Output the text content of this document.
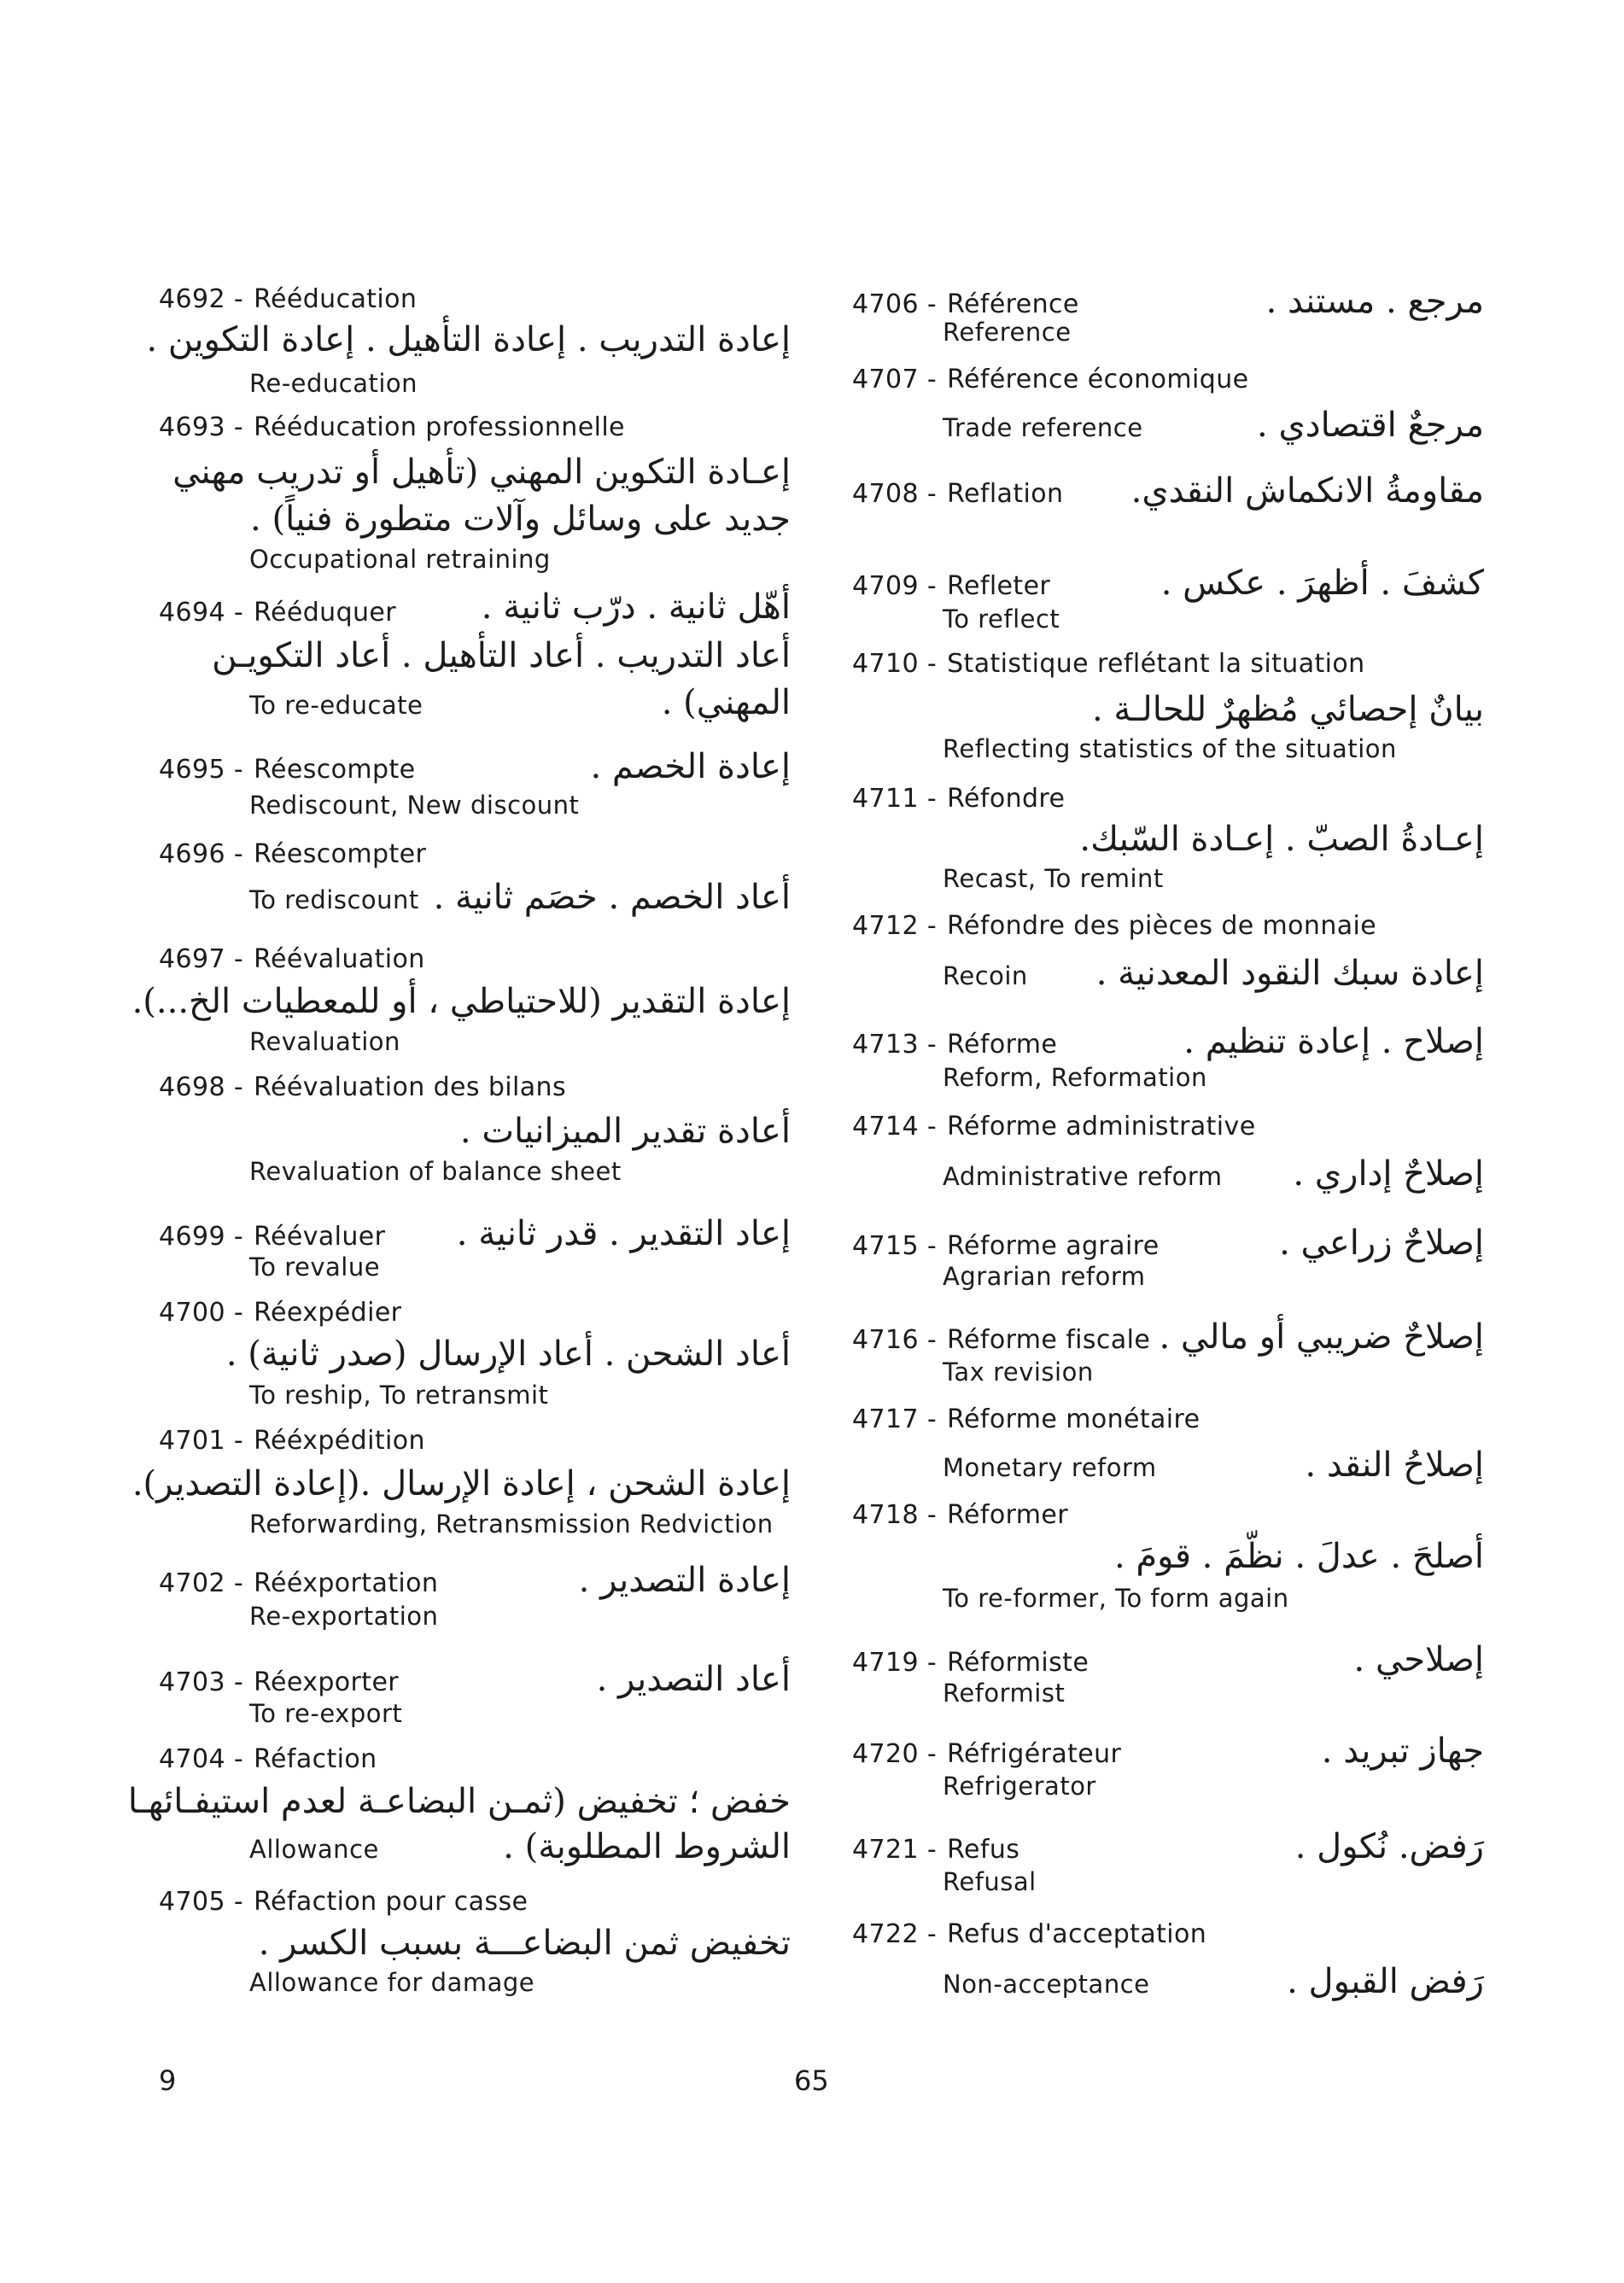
4692 - Rééducation
إعادة التدريب . إعادة التأهيل . إعادة التكوين .
Re-education
4693 - Rééducation professionnelle
إعـادة التكوين المهني (تأهيل أو تدريب مهني
جديد على وسائل وآلات متطورة فنياً) .
Occupational retraining
4694 - Rééduquer	أهّل ثانية . درّب ثانية .
أعاد التدريب . أعاد التأهيل . أعاد التكويـن
To re-educate	المهني) .
4695 - Réescompte	إعادة الخصم .
Rediscount, New discount
4696 - Réescompter
To rediscount أعاد الخصم . خصَم ثانية .
4697 - Réévaluation
إعادة التقدير (للاحتياطي ، أو للمعطيات الخ...).
Revaluation
4698 - Réévaluation des bilans
أعادة تقدير الميزانيات .
Revaluation of balance sheet
4699 - Réévaluer إعاد التقدير . قدر ثانية .
To revalue
4700 - Réexpédier
أعاد الشحن . أعاد الإرسال (صدر ثانية) .
To reship, To retransmit
4701 - Rééxpédition
إعادة الشحن ، إعادة الإرسال .(إعادة التصدير).
Reforwarding, Retransmission Redviction
4702 - Rééxportation	إعادة التصدير .
Re-exportation
4703 - Réexporter	أعاد التصدير .
To re-export
4704 - Réfaction
خفض ؛ تخفيض (ثمـن البضاعـة لعدم استيفـائهـا
Allowance	الشروط المطلوبة) .
4705 - Réfaction pour casse
تخفيض ثمن البضاعـــة بسبب الكسر .
Allowance for damage
4706 - Référence	مرجع . مستند .
Reference
4707 - Référence économique
Trade reference	مرجعٌ اقتصادي .
4708 - Reflation مقاومةُ الانكماش النقدي.
4709 - Refleter	كشفَ . أظهرَ . عكس .
To reflect
4710 - Statistique reflétant la situation
بيانٌ إحصائي مُظهرٌ للحالـة .
Reflecting statistics of the situation
4711 - Réfondre
إعـادةُ الصبّ . إعـادة السّبك.
Recast, To remint
4712 - Réfondre des pièces de monnaie
Recoin إعادة سبك النقود المعدنية .
4713 - Réforme	إصلاح . إعادة تنظيم .
Reform, Reformation
4714 - Réforme administrative
Administrative reform إصلاحٌ إداري .
4715 - Réforme agraire	إصلاحٌ زراعي .
Agrarian reform
4716 - Réforme fiscale إصلاحٌ ضريبي أو مالي .
Tax revision
4717 - Réforme monétaire
Monetary reform	إصلاحُ النقد .
4718 - Réformer
أصلحَ . عدلَ . نظّمَ . قومَ .
To re-former, To form again
4719 - Réformiste	إصلاحي .
Reformist
4720 - Réfrigérateur	جهاز تبريد .
Refrigerator
4721 - Refus	رَفض. نُكول .
Refusal
4722 - Refus d'acceptation
Non-acceptance	رَفض القبول .
9	65
